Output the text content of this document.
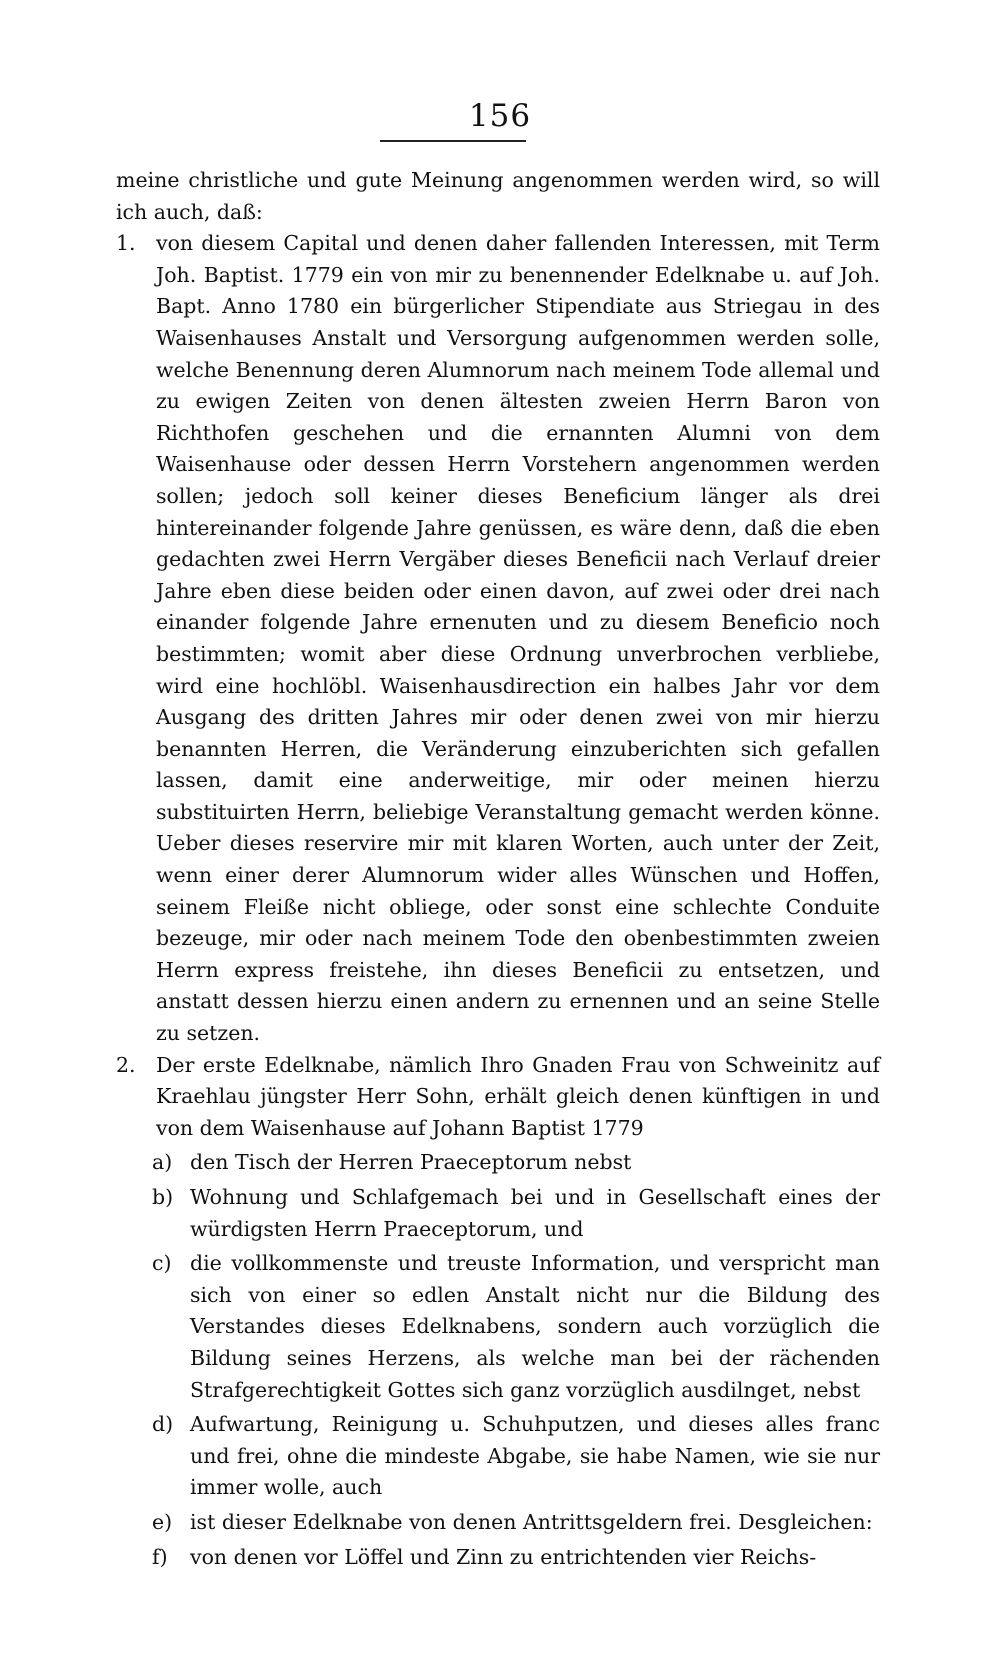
156
meine christliche und gute Meinung angenommen werden wird, so will ich auch, daß:
1. von diesem Capital und denen daher fallenden Interessen, mit Term Joh. Baptist. 1779 ein von mir zu benennender Edelknabe u. auf Joh. Bapt. Anno 1780 ein bürgerlicher Stipendiate aus Striegau in des Waisenhauses Anstalt und Versorgung aufgenommen werden solle, welche Benennung deren Alumnorum nach meinem Tode allemal und zu ewigen Zeiten von denen ältesten zweien Herrn Baron von Richthofen geschehen und die ernannten Alumni von dem Waisenhause oder dessen Herrn Vorstehern angenommen werden sollen; jedoch soll keiner dieses Beneficium länger als drei hintereinander folgende Jahre genüssen, es wäre denn, daß die eben gedachten zwei Herrn Vergäber dieses Beneficii nach Verlauf dreier Jahre eben diese beiden oder einen davon, auf zwei oder drei nach einander folgende Jahre ernenuten und zu diesem Beneficio noch bestimmten; womit aber diese Ordnung unverbrochen verbliebe, wird eine hochlöbl. Waisenhausdirection ein halbes Jahr vor dem Ausgang des dritten Jahres mir oder denen zwei von mir hierzu benannten Herren, die Veränderung einzuberichten sich gefallen lassen, damit eine anderweitige, mir oder meinen hierzu substituirten Herrn, beliebige Veranstaltung gemacht werden könne. Ueber dieses reservire mir mit klaren Worten, auch unter der Zeit, wenn einer derer Alumnorum wider alles Wünschen und Hoffen, seinem Fleiße nicht obliege, oder sonst eine schlechte Conduite bezeuge, mir oder nach meinem Tode den obenbestimmten zweien Herrn express freistehe, ihn dieses Beneficii zu entsetzen, und anstatt dessen hierzu einen andern zu ernennen und an seine Stelle zu setzen.
2. Der erste Edelknabe, nämlich Ihro Gnaden Frau von Schweinitz auf Kraehlau jüngster Herr Sohn, erhält gleich denen künftigen in und von dem Waisenhause auf Johann Baptist 1779
a) den Tisch der Herren Praeceptorum nebst
b) Wohnung und Schlafgemach bei und in Gesellschaft eines der würdigsten Herrn Praeceptorum, und
c) die vollkommenste und treuste Information, und verspricht man sich von einer so edlen Anstalt nicht nur die Bildung des Verstandes dieses Edelknabens, sondern auch vorzüglich die Bildung seines Herzens, als welche man bei der rächenden Strafgerechtigkeit Gottes sich ganz vorzüglich ausdilnget, nebst
d) Aufwartung, Reinigung u. Schuhputzen, und dieses alles franc und frei, ohne die mindeste Abgabe, sie habe Namen, wie sie nur immer wolle, auch
e) ist dieser Edelknabe von denen Antrittsgeldern frei. Desgleichen:
f)	von denen vor Löffel und Zinn zu entrichtenden vier Reichs-
